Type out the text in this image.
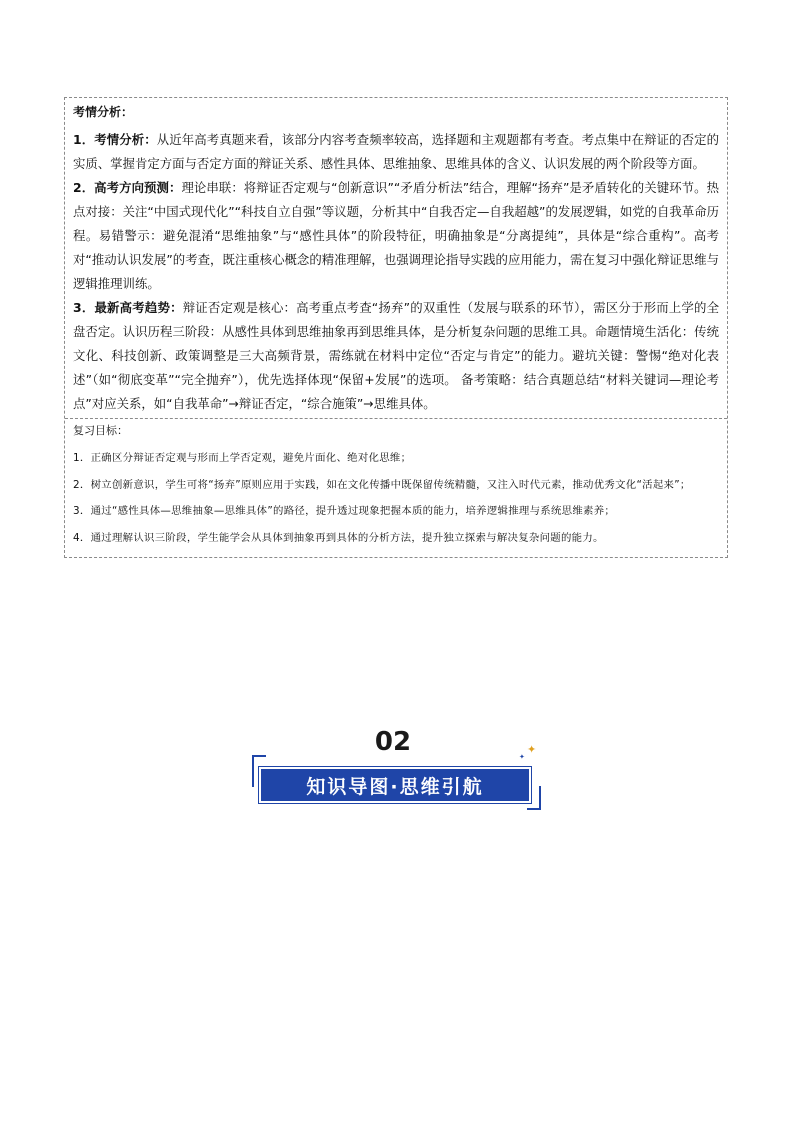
考情分析：

1．考情分析：从近年高考真题来看，该部分内容考查频率较高，选择题和主观题都有考查。考点集中在辩证的否定的实质、掌握肯定方面与否定方面的辩证关系、感性具体、思维抽象、思维具体的含义、认识发展的两个阶段等方面。

2．高考方向预测：理论串联：将辩证否定观与“创新意识”“矛盾分析法”结合，理解“扬弃”是矛盾转化的关键环节。热点对接：关注“中国式现代化”“科技自立自强”等议题，分析其中“自我否定—自我超越”的发展逻辑，如党的自我革命历程。易错警示：避免混淆“思维抽象”与“感性具体”的阶段特征，明确抽象是“分离提纯”，具体是“综合重构”。高考对“推动认识发展”的考查，既注重核心概念的精准理解，也强调理论指导实践的应用能力，需在复习中强化辩证思维与逻辑推理训练。

3．最新高考趋势：辩证否定观是核心：高考重点考查“扬弃”的双重性（发展与联系的环节），需区分于形而上学的全盘否定。认识历程三阶段：从感性具体到思维抽象再到思维具体，是分析复杂问题的思维工具。命题情境生活化：传统文化、科技创新、政策调整是三大高频背景，需练就在材料中定位“否定与肯定”的能力。避坑关键：警惕“绝对化表述”（如“彻底变革”“完全抛弃”），优先选择体现“保留+发展”的选项。 备考策略：结合真题总结“材料关键词—理论考点”对应关系，如“自我革命”→辩证否定，“综合施策”→思维具体。

复习目标：

1．正确区分辩证否定观与形而上学否定观，避免片面化、绝对化思维；

2．树立创新意识，学生可将“扬弃”原则应用于实践，如在文化传播中既保留传统精髓，又注入时代元素，推动优秀文化“活起来”；

3．通过“感性具体—思维抽象—思维具体”的路径，提升透过现象把握本质的能力，培养逻辑推理与系统思维素养；

4．通过理解认识三阶段，学生能学会从具体到抽象再到具体的分析方法，提升独立探索与解决复杂问题的能力。

02
知识导图·思维引航
✦
✦
